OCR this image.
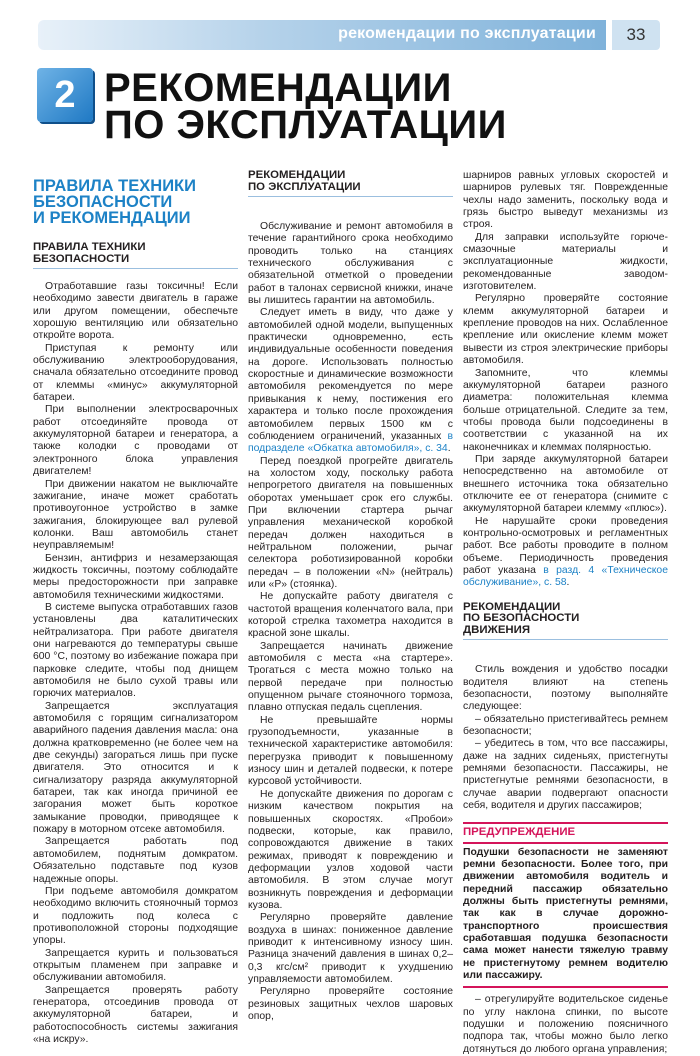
рекомендации по эксплуатации	33
2 РЕКОМЕНДАЦИИ
ПО ЭКСПЛУАТАЦИИ
ПРАВИЛА ТЕХНИКИ
БЕЗОПАСНОСТИ
И РЕКОМЕНДАЦИИ
ПРАВИЛА ТЕХНИКИ
БЕЗОПАСНОСТИ

Отработавшие газы токсичны! Если необходимо завести двигатель в гараже или другом помещении, обеспечьте хорошую вентиляцию или обязательно откройте ворота.

Приступая к ремонту или обслуживанию электрооборудования, сначала обязательно отсоедините провод от клеммы «минус» аккумуляторной батареи.

При выполнении электросварочных работ отсоединяйте провода от аккумуляторной батареи и генератора, а также колодки с проводами от электронного блока управления двигателем!

При движении накатом не выключайте зажигание, иначе может сработать противоугонное устройство в замке зажигания, блокирующее вал рулевой колонки. Ваш автомобиль станет неуправляемым!

Бензин, антифриз и незамерзающая жидкость токсичны, поэтому соблюдайте меры предосторожности при заправке автомобиля техническими жидкостями.

В системе выпуска отработавших газов установлены два каталитических нейтрализатора. При работе двигателя они нагреваются до температуры свыше 600 °С, поэтому во избежание пожара при парковке следите, чтобы под днищем автомобиля не было сухой травы или горючих материалов.

Запрещается эксплуатация автомобиля с горящим сигнализатором аварийного падения давления масла: она должна кратковременно (не более чем на две секунды) загораться лишь при пуске двигателя. Это относится и к сигнализатору разряда аккумуляторной батареи, так как иногда причиной ее загорания может быть короткое замыкание проводки, приводящее к пожару в моторном отсеке автомобиля.

Запрещается работать под автомобилем, поднятым домкратом. Обязательно подставьте под кузов надежные опоры.

При подъеме автомобиля домкратом необходимо включить стояночный тормоз и подложить под колеса с противоположной стороны подходящие упоры.

Запрещается курить и пользоваться открытым пламенем при заправке и обслуживании автомобиля.

Запрещается проверять работу генератора, отсоединив провода от аккумуляторной батареи, и работоспособность системы зажигания «на искру».

РЕКОМЕНДАЦИИ
ПО ЭКСПЛУАТАЦИИ

Обслуживание и ремонт автомобиля в течение гарантийного срока необходимо проводить только на станциях технического обслуживания с обязательной отметкой о проведении работ в талонах сервисной книжки, иначе вы лишитесь гарантии на автомобиль.

Следует иметь в виду, что даже у автомобилей одной модели, выпущенных практически одновременно, есть индивидуальные особенности поведения на дороге. Использовать полностью скоростные и динамические возможности автомобиля рекомендуется по мере привыкания к нему, постижения его характера и только после прохождения автомобилем первых 1500 км с соблюдением ограничений, указанных в подразделе «Обкатка автомобиля», с. 34.

Перед поездкой прогрейте двигатель на холостом ходу, поскольку работа непрогретого двигателя на повышенных оборотах уменьшает срок его службы. При включении стартера рычаг управления механической коробкой передач должен находиться в нейтральном положении, рычаг селектора роботизированной коробки передач – в положении «N» (нейтраль) или «P» (стоянка).

Не допускайте работу двигателя с частотой вращения коленчатого вала, при которой стрелка тахометра находится в красной зоне шкалы.

Запрещается начинать движение автомобиля с места «на стартере». Трогаться с места можно только на первой передаче при полностью опущенном рычаге стояночного тормоза, плавно отпуская педаль сцепления.

Не превышайте нормы грузоподъемности, указанные в технической характеристике автомобиля: перегрузка приводит к повышенному износу шин и деталей подвески, к потере курсовой устойчивости.

Не допускайте движения по дорогам с низким качеством покрытия на повышенных скоростях. «Пробои» подвески, которые, как правило, сопровождаются движение в таких режимах, приводят к повреждению и деформации узлов ходовой части автомобиля. В этом случае могут возникнуть повреждения и деформации кузова.

Регулярно проверяйте давление воздуха в шинах: пониженное давление приводит к интенсивному износу шин. Разница значений давления в шинах 0,2–0,3 кгс/см² приводит к ухудшению управляемости автомобилем.

Регулярно проверяйте состояние резиновых защитных чехлов шаровых опор,

шарниров равных угловых скоростей и шарниров рулевых тяг. Поврежденные чехлы надо заменить, поскольку вода и грязь быстро выведут механизмы из строя.

Для заправки используйте горюче-смазочные материалы и эксплуатационные жидкости, рекомендованные заводом-изготовителем.

Регулярно проверяйте состояние клемм аккумуляторной батареи и крепление проводов на них. Ослабленное крепление или окисление клемм может вывести из строя электрические приборы автомобиля.

Запомните, что клеммы аккумуляторной батареи разного диаметра: положительная клемма больше отрицательной. Следите за тем, чтобы провода были подсоединены в соответствии с указанной на их наконечниках и клеммах полярностью.

При заряде аккумуляторной батареи непосредственно на автомобиле от внешнего источника тока обязательно отключите ее от генератора (снимите с аккумуляторной батареи клемму «плюс»).

Не нарушайте сроки проведения контрольно-осмотровых и регламентных работ. Все работы проводите в полном объеме. Периодичность проведения работ указана в разд. 4 «Техническое обслуживание», с. 58.

РЕКОМЕНДАЦИИ
ПО БЕЗОПАСНОСТИ
ДВИЖЕНИЯ

Стиль вождения и удобство посадки водителя влияют на степень безопасности, поэтому выполняйте следующее:

– обязательно пристегивайтесь ремнем безопасности;

– убедитесь в том, что все пассажиры, даже на задних сиденьях, пристегнуты ремнями безопасности. Пассажиры, не пристегнутые ремнями безопасности, в случае аварии подвергают опасности себя, водителя и других пассажиров;

ПРЕДУПРЕЖДЕНИЕ

Подушки безопасности не заменяют ремни безопасности. Более того, при движении автомобиля водитель и передний пассажир обязательно должны быть пристегнуты ремнями, так как в случае дорожно-транспортного происшествия сработавшая подушка безопасности сама может нанести тяжелую травму не пристегнутому ремнем водителю или пассажиру.

– отрегулируйте водительское сиденье по углу наклона спинки, по высоте подушки и положению поясничного подпора так, чтобы можно было легко дотянуться до любого органа управления;
